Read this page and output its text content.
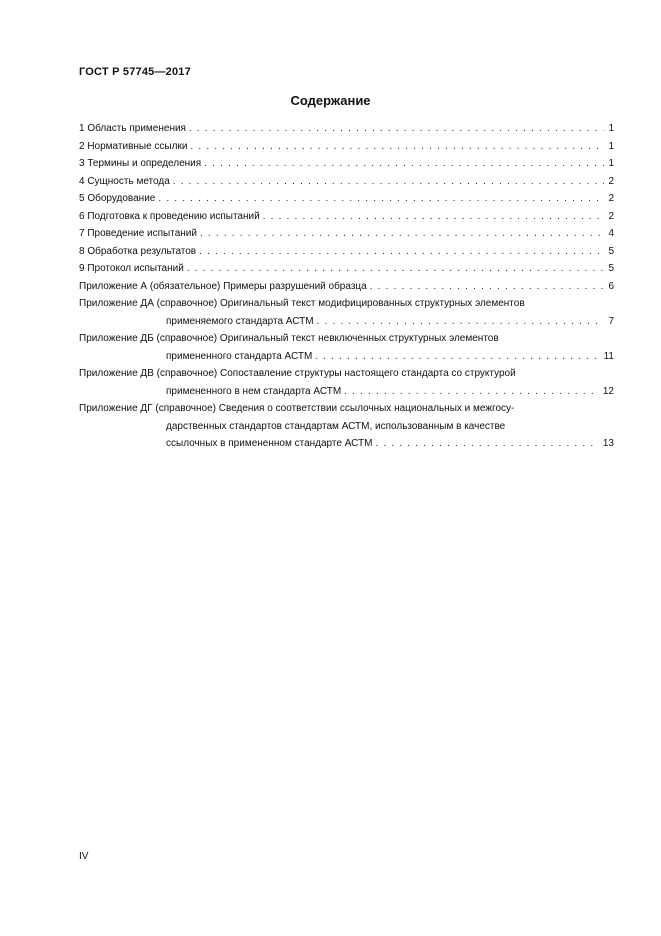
ГОСТ Р 57745—2017
Содержание
1 Область применения . . .	1
2 Нормативные ссылки . . .	1
3 Термины и определения . . .	1
4 Сущность метода . . .	2
5 Оборудование . . .	2
6 Подготовка к проведению испытаний . . .	2
7 Проведение испытаний . . .	4
8 Обработка результатов . . .	5
9 Протокол испытаний . . .	5
Приложение А (обязательное) Примеры разрушений образца . . .	6
Приложение ДА (справочное) Оригинальный текст модифицированных структурных элементов
применяемого стандарта АСТМ . . .	7
Приложение ДБ (справочное) Оригинальный текст невключенных структурных элементов
примененного стандарта АСТМ . . .	11
Приложение ДВ (справочное) Сопоставление структуры настоящего стандарта со структурой
примененного в нем стандарта АСТМ . . .	12
Приложение ДГ (справочное) Сведения о соответствии ссылочных национальных и межгосу-
дарственных стандартов стандартам АСТМ, использованным в качестве
ссылочных в примененном стандарте АСТМ . . .	13
IV
